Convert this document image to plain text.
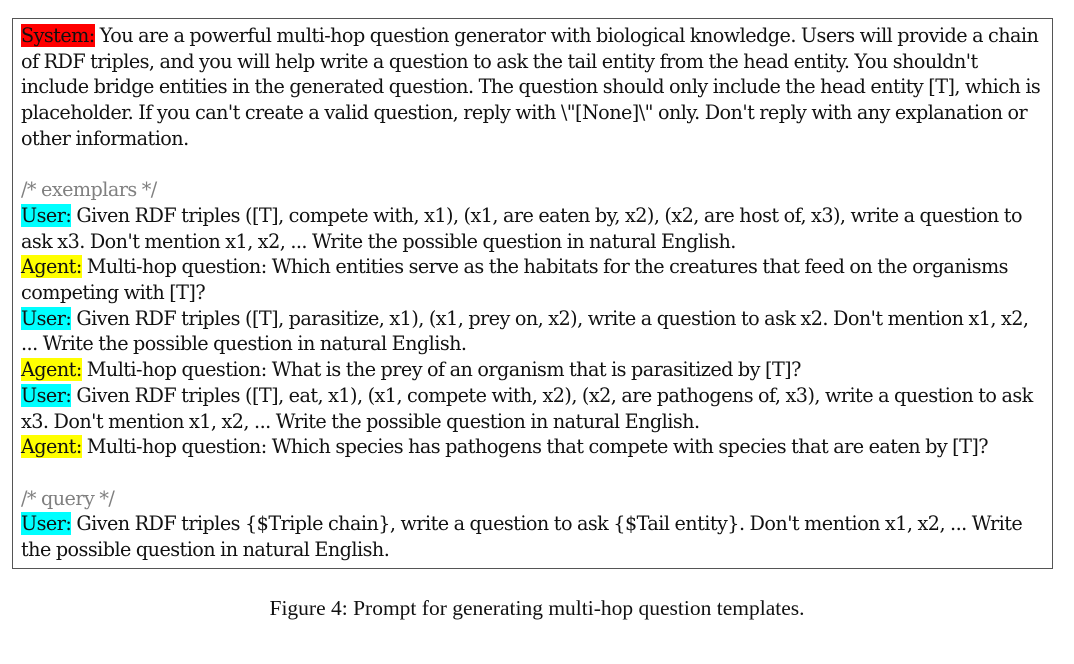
System: You are a powerful multi-hop question generator with biological knowledge. Users will provide a chain of RDF triples, and you will help write a question to ask the tail entity from the head entity. You shouldn't include bridge entities in the generated question. The question should only include the head entity [T], which is placeholder. If you can't create a valid question, reply with \"[None]\" only. Don't reply with any explanation or other information.

/* exemplars */

User: Given RDF triples ([T], compete with, x1), (x1, are eaten by, x2), (x2, are host of, x3), write a question to ask x3. Don't mention x1, x2, ... Write the possible question in natural English.

Agent: Multi-hop question: Which entities serve as the habitats for the creatures that feed on the organisms competing with [T]?

User: Given RDF triples ([T], parasitize, x1), (x1, prey on, x2), write a question to ask x2. Don't mention x1, x2, ... Write the possible question in natural English.

Agent: Multi-hop question: What is the prey of an organism that is parasitized by [T]?

User: Given RDF triples ([T], eat, x1), (x1, compete with, x2), (x2, are pathogens of, x3), write a question to ask x3. Don't mention x1, x2, ... Write the possible question in natural English.

Agent: Multi-hop question: Which species has pathogens that compete with species that are eaten by [T]?

/* query */

User: Given RDF triples {$Triple chain}, write a question to ask {$Tail entity}. Don't mention x1, x2, ... Write the possible question in natural English.

Figure 4: Prompt for generating multi-hop question templates.
